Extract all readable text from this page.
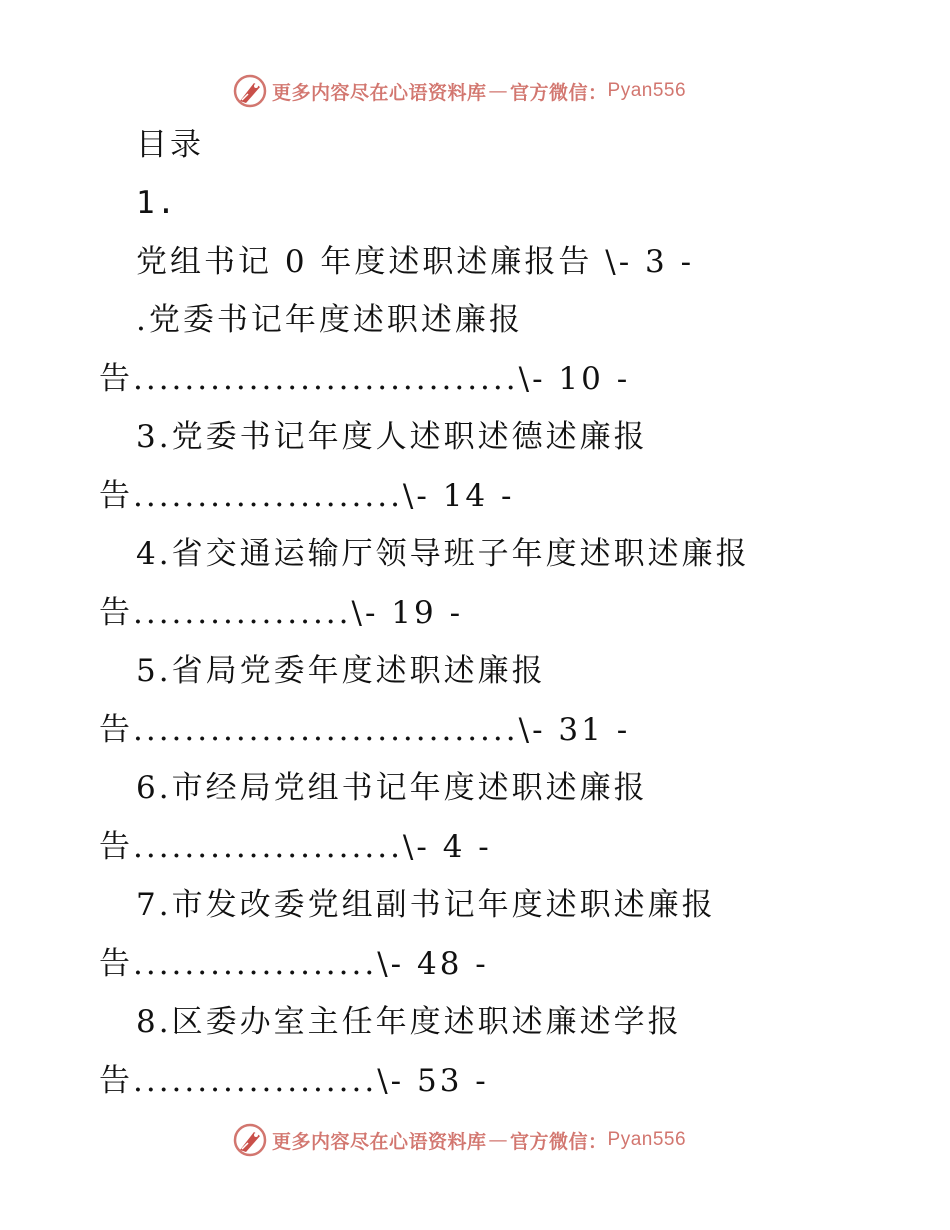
更多内容尽在心语资料库 — 官方微信： Pyan556
目录
1.
党组书记 0 年度述职述廉报告 \- 3 -
.党委书记年度述职述廉报
告..............................\- 10 -
3.党委书记年度人述职述德述廉报
告.....................\- 14 -
4.省交通运输厅领导班子年度述职述廉报
告.................\- 19 -
5.省局党委年度述职述廉报
告..............................\- 31 -
6.市经局党组书记年度述职述廉报
告.....................\- 4 -
7.市发改委党组副书记年度述职述廉报
告...................\- 48 -
8.区委办室主任年度述职述廉述学报
告...................\- 53 -
更多内容尽在心语资料库 — 官方微信： Pyan556
